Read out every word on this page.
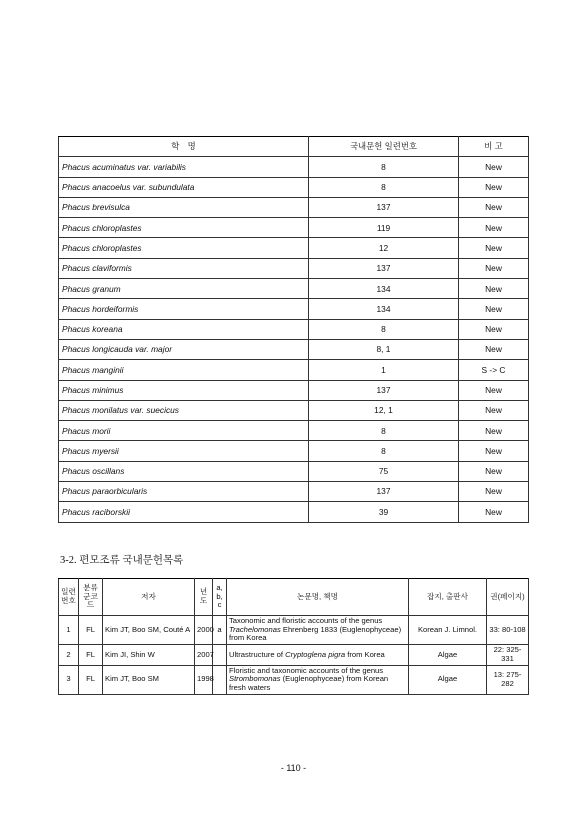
학　명	국내문헌 일련번호	비 고
Phacus acuminatus var. variabilis	8	New
Phacus anacoelus var. subundulata	8	New
Phacus brevisulca	137	New
Phacus chloroplastes	119	New
Phacus chloroplastes	12	New
Phacus claviformis	137	New
Phacus granum	134	New
Phacus hordeiformis	134	New
Phacus koreana	8	New
Phacus longicauda var. major	8, 1	New
Phacus manginii	1	S -> C
Phacus minimus	137	New
Phacus monilatus var. suecicus	12, 1	New
Phacus morii	8	New
Phacus myersii	8	New
Phacus oscillans	75	New
Phacus paraorbicularis	137	New
Phacus raciborskii	39	New
3-2. 편모조류 국내문헌목록
일련번호	분류군코드	저자	년도	a, b, c	논문명, 책명	잡지, 출판사	권(페이지)
1	FL	Kim JT, Boo SM, Couté A	2000	a	Taxonomic and floristic accounts of the genus Trachelomonas Ehrenberg 1833 (Euglenophyceae) from Korea	Korean J. Limnol.	33: 80-108
2	FL	Kim JI, Shin W	2007		Ultrastructure of Cryptoglena pigra from Korea	Algae	22: 325-331
3	FL	Kim JT, Boo SM	1998		Floristic and taxonomic accounts of the genus Strombomonas (Euglenophyceae) from Korean fresh waters	Algae	13: 275-282
- 110 -
